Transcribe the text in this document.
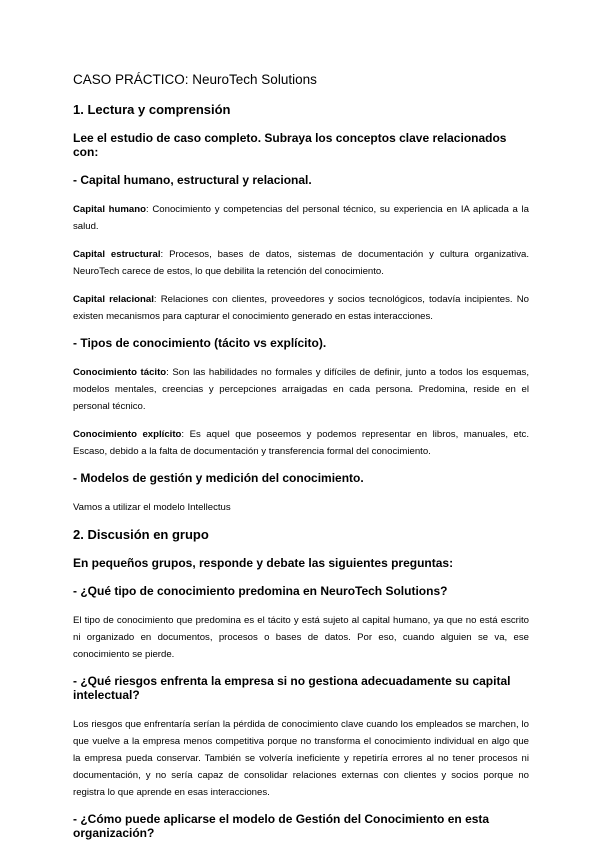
CASO PRÁCTICO: NeuroTech Solutions
1. Lectura y comprensión
Lee el estudio de caso completo. Subraya los conceptos clave relacionados con:
- Capital humano, estructural y relacional.
Capital humano: Conocimiento y competencias del personal técnico, su experiencia en IA aplicada a la salud.
Capital estructural: Procesos, bases de datos, sistemas de documentación y cultura organizativa. NeuroTech carece de estos, lo que debilita la retención del conocimiento.
Capital relacional: Relaciones con clientes, proveedores y socios tecnológicos, todavía incipientes. No existen mecanismos para capturar el conocimiento generado en estas interacciones.
- Tipos de conocimiento (tácito vs explícito).
Conocimiento tácito: Son las habilidades no formales y difíciles de definir, junto a todos los esquemas, modelos mentales, creencias y percepciones arraigadas en cada persona. Predomina, reside en el personal técnico.
Conocimiento explícito: Es aquel que poseemos y podemos representar en libros, manuales, etc. Escaso, debido a la falta de documentación y transferencia formal del conocimiento.
- Modelos de gestión y medición del conocimiento.
Vamos a utilizar el modelo Intellectus
2. Discusión en grupo
En pequeños grupos, responde y debate las siguientes preguntas:
- ¿Qué tipo de conocimiento predomina en NeuroTech Solutions?
El tipo de conocimiento que predomina es el tácito y está sujeto al capital humano, ya que no está escrito ni organizado en documentos, procesos o bases de datos. Por eso, cuando alguien se va, ese conocimiento se pierde.
- ¿Qué riesgos enfrenta la empresa si no gestiona adecuadamente su capital intelectual?
Los riesgos que enfrentaría serían la pérdida de conocimiento clave cuando los empleados se marchen, lo que vuelve a la empresa menos competitiva porque no transforma el conocimiento individual en algo que la empresa pueda conservar. También se volvería ineficiente y repetiría errores al no tener procesos ni documentación, y no sería capaz de consolidar relaciones externas con clientes y socios porque no registra lo que aprende en esas interacciones.
- ¿Cómo puede aplicarse el modelo de Gestión del Conocimiento en esta organización?
